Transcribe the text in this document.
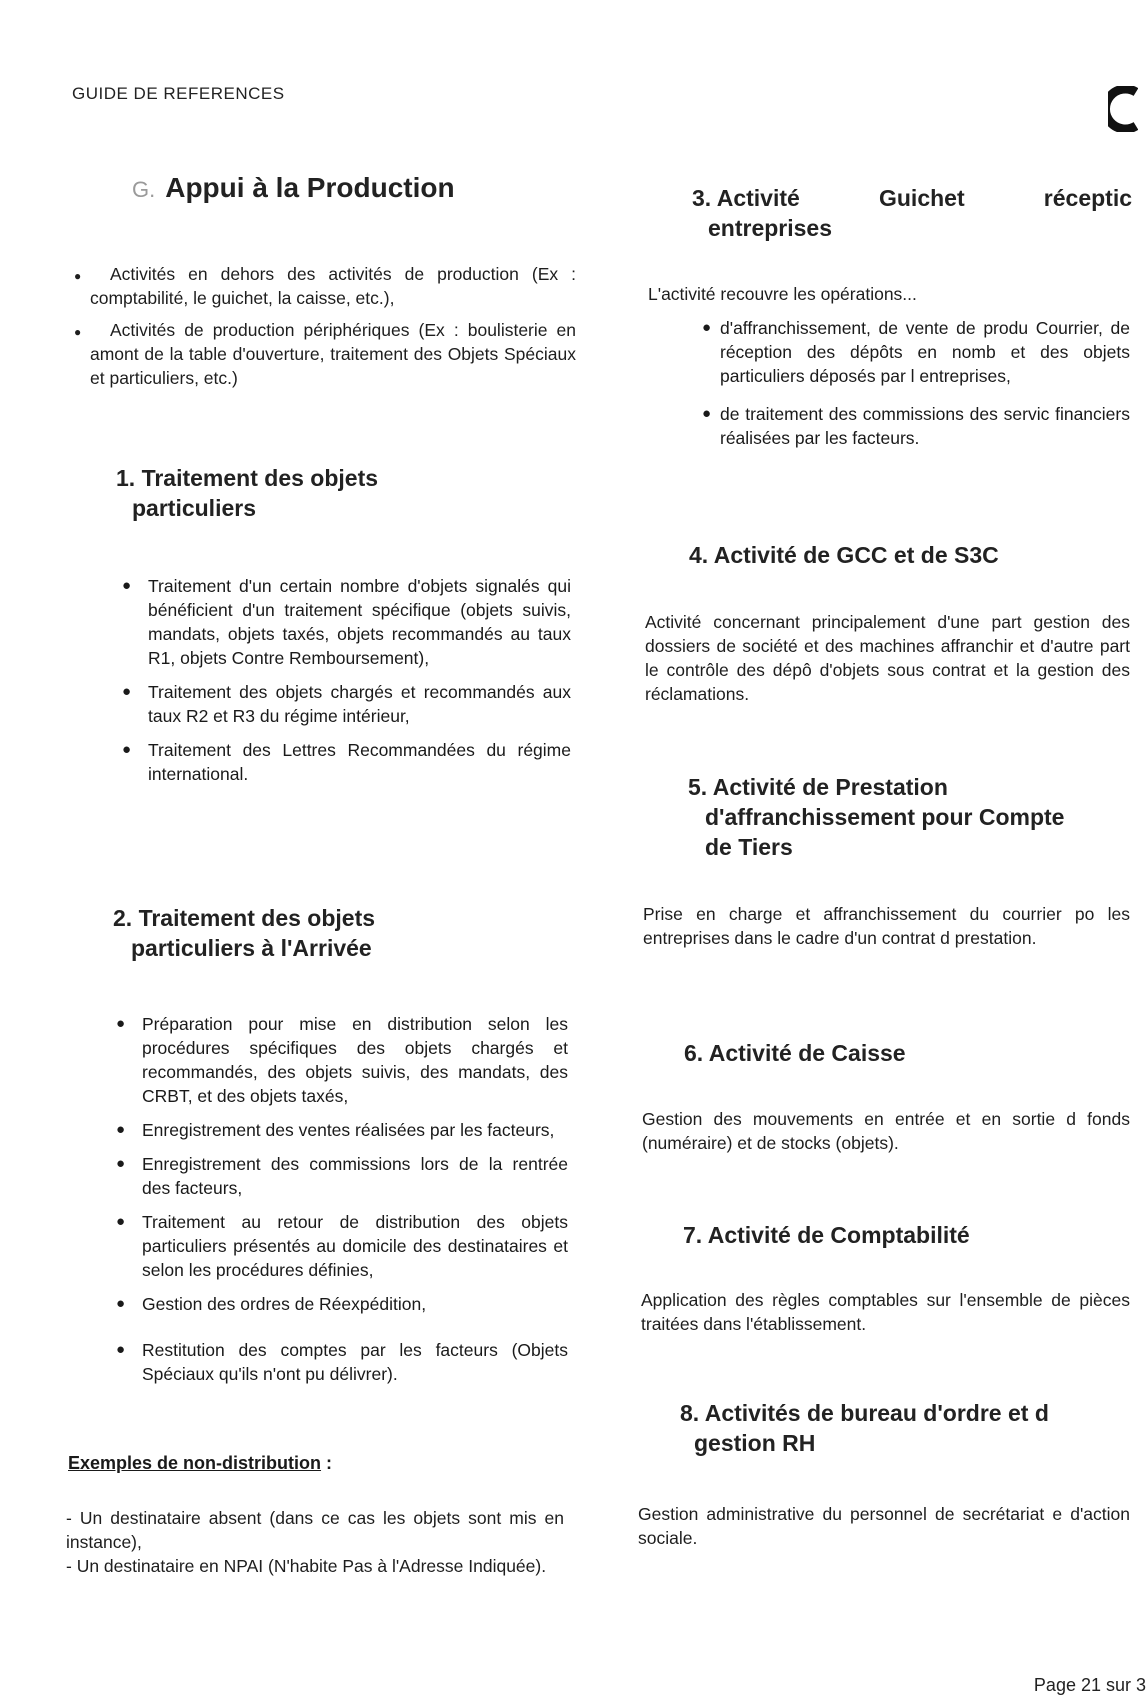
GUIDE DE REFERENCES
G. Appui à la Production
● Activités en dehors des activités de production (Ex : comptabilité, le guichet, la caisse, etc.),
● Activités de production périphériques (Ex : boulisterie en amont de la table d'ouverture, traitement des Objets Spéciaux et particuliers, etc.)
1. Traitement des objets
particuliers
● Traitement d'un certain nombre d'objets signalés qui bénéficient d'un traitement spécifique (objets suivis, mandats, objets taxés, objets recommandés au taux R1, objets Contre Remboursement),
● Traitement des objets chargés et recommandés aux taux R2 et R3 du régime intérieur,
● Traitement des Lettres Recommandées du régime international.
2. Traitement des objets
particuliers à l'Arrivée
● Préparation pour mise en distribution selon les procédures spécifiques des objets chargés et recommandés, des objets suivis, des mandats, des CRBT, et des objets taxés,
● Enregistrement des ventes réalisées par les facteurs,
● Enregistrement des commissions lors de la rentrée des facteurs,
● Traitement au retour de distribution des objets particuliers présentés au domicile des destinataires et selon les procédures définies,
● Gestion des ordres de Réexpédition,
● Restitution des comptes par les facteurs (Objets Spéciaux qu'ils n'ont pu délivrer).
Exemples de non-distribution :
- Un destinataire absent (dans ce cas les objets sont mis en instance),
- Un destinataire en NPAI (N'habite Pas à l'Adresse Indiquée).
3. Activité	Guichet	réceptic
entreprises
L'activité recouvre les opérations...
● d'affranchissement, de vente de produ Courrier, de réception des dépôts en nomb et des objets particuliers déposés par l entreprises,
● de traitement des commissions des servic financiers réalisées par les facteurs.
4. Activité de GCC et de S3C
Activité concernant principalement d'une part gestion des dossiers de société et des machines affranchir et d'autre part le contrôle des dépô d'objets sous contrat et la gestion des réclamations.
5. Activité de Prestation
d'affranchissement pour Compte
de Tiers
Prise en charge et affranchissement du courrier po les entreprises dans le cadre d'un contrat d prestation.
6. Activité de Caisse
Gestion des mouvements en entrée et en sortie d fonds (numéraire) et de stocks (objets).
7. Activité de Comptabilité
Application des règles comptables sur l'ensemble de pièces traitées dans l'établissement.
8. Activités de bureau d'ordre et d
gestion RH
Gestion administrative du personnel de secrétariat e d'action sociale.
Page 21 sur 3
